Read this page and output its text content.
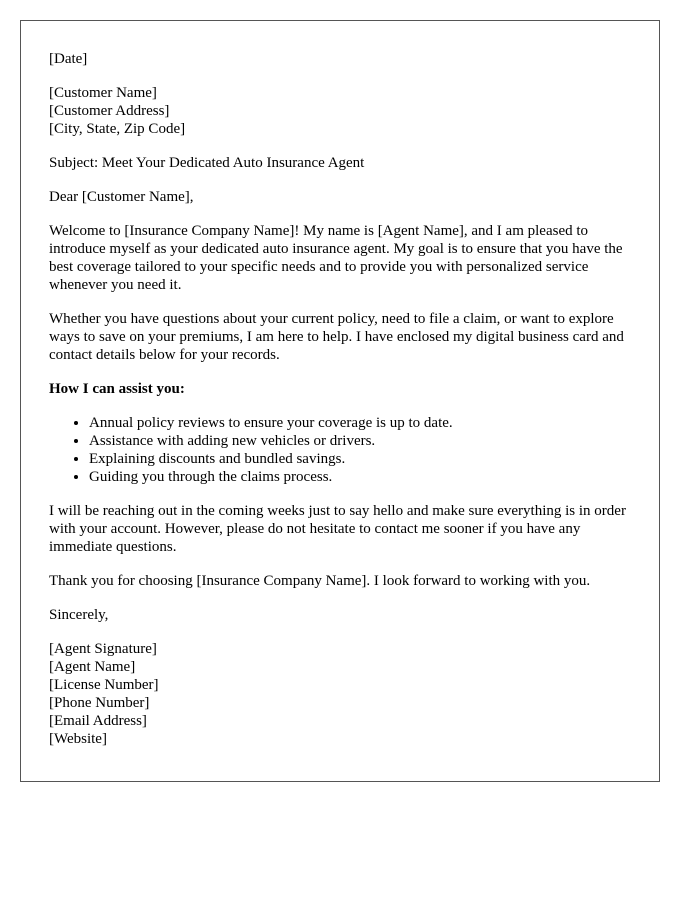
[Date]

[Customer Name]
[Customer Address]
[City, State, Zip Code]

Subject: Meet Your Dedicated Auto Insurance Agent

Dear [Customer Name],

Welcome to [Insurance Company Name]! My name is [Agent Name], and I am pleased to introduce myself as your dedicated auto insurance agent. My goal is to ensure that you have the best coverage tailored to your specific needs and to provide you with personalized service whenever you need it.

Whether you have questions about your current policy, need to file a claim, or want to explore ways to save on your premiums, I am here to help. I have enclosed my digital business card and contact details below for your records.

How I can assist you:

• Annual policy reviews to ensure your coverage is up to date.
• Assistance with adding new vehicles or drivers.
• Explaining discounts and bundled savings.
• Guiding you through the claims process.

I will be reaching out in the coming weeks just to say hello and make sure everything is in order with your account. However, please do not hesitate to contact me sooner if you have any immediate questions.

Thank you for choosing [Insurance Company Name]. I look forward to working with you.

Sincerely,

[Agent Signature]
[Agent Name]
[License Number]
[Phone Number]
[Email Address]
[Website]
